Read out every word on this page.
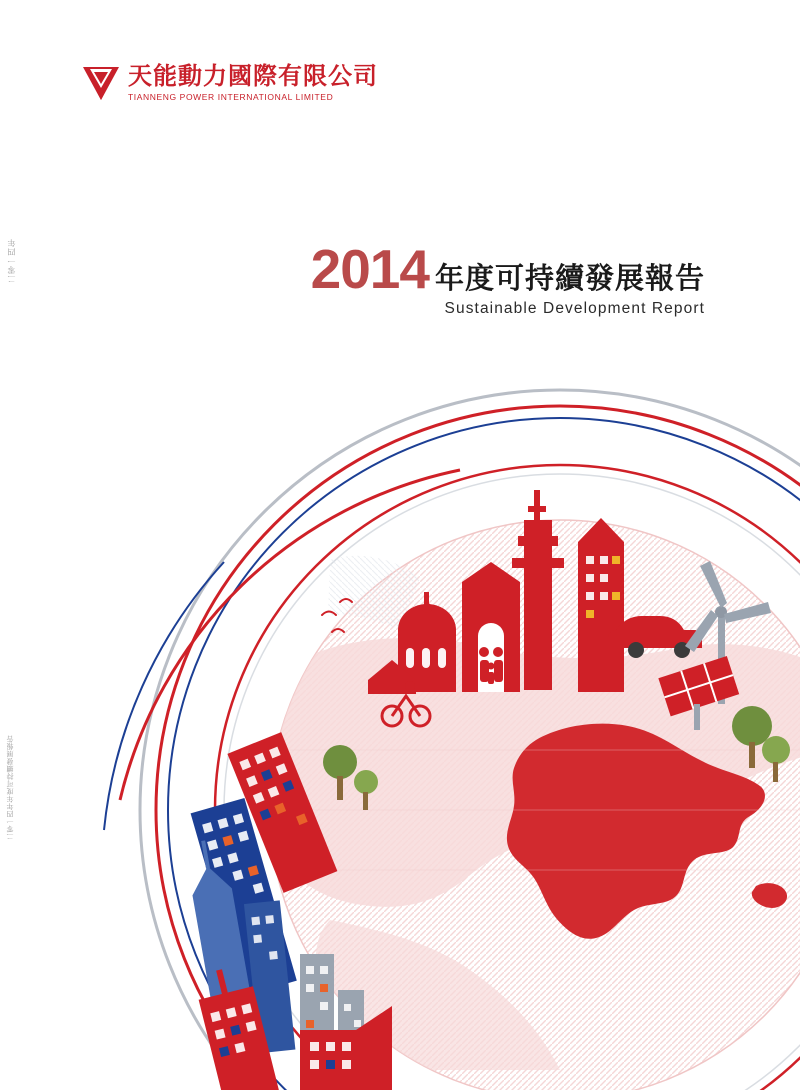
天能動力國際有限公司
TIANNENG POWER INTERNATIONAL LIMITED
二零一四年
二零一四年年度可持續發展報告
2014 年度可持續發展報告
Sustainable Development Report
